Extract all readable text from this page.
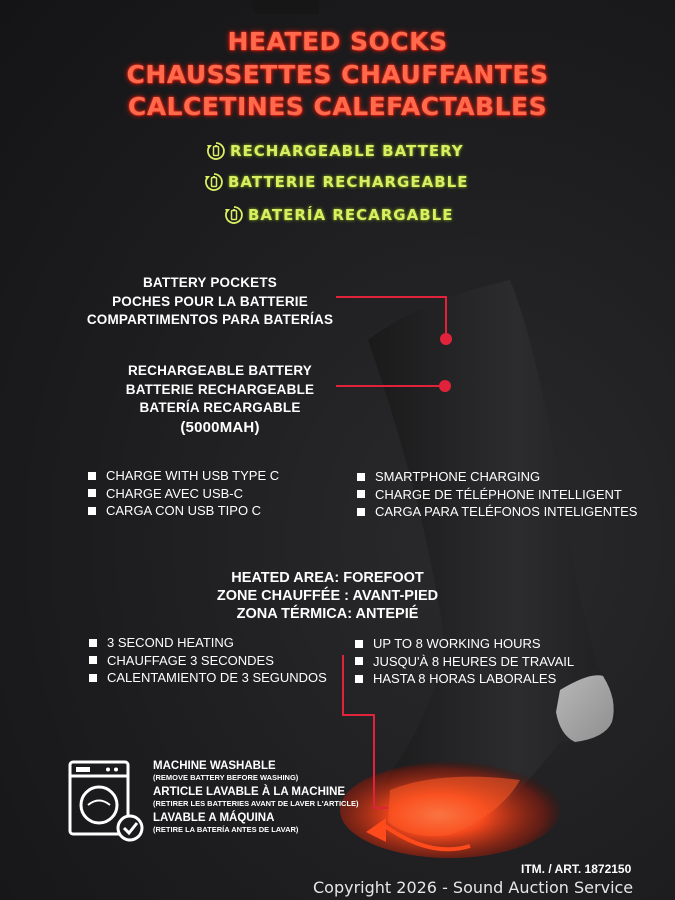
HEATED SOCKS
CHAUSSETTES CHAUFFANTES
CALCETINES CALEFACTABLES
RECHARGEABLE BATTERY
BATTERIE RECHARGEABLE
BATERÍA RECARGABLE
BATTERY POCKETS
POCHES POUR LA BATTERIE
COMPARTIMENTOS PARA BATERÍAS
RECHARGEABLE BATTERY
BATTERIE RECHARGEABLE
BATERÍA RECARGABLE
(5000MAH)
CHARGE WITH USB TYPE C
CHARGE AVEC USB-C
CARGA CON USB TIPO C
SMARTPHONE CHARGING
CHARGE DE TÉLÉPHONE INTELLIGENT
CARGA PARA TELÉFONOS INTELIGENTES
HEATED AREA: FOREFOOT
ZONE CHAUFFÉE : AVANT-PIED
ZONA TÉRMICA: ANTEPIÉ
3 SECOND HEATING
CHAUFFAGE 3 SECONDES
CALENTAMIENTO DE 3 SEGUNDOS
UP TO 8 WORKING HOURS
JUSQU'À 8 HEURES DE TRAVAIL
HASTA 8 HORAS LABORALES
MACHINE WASHABLE
(REMOVE BATTERY BEFORE WASHING)
ARTICLE LAVABLE À LA MACHINE
(RETIRER LES BATTERIES AVANT DE LAVER L'ARTICLE)
LAVABLE A MÁQUINA
(RETIRE LA BATERÍA ANTES DE LAVAR)
ITM. / ART. 1872150
Copyright 2026 - Sound Auction Service
